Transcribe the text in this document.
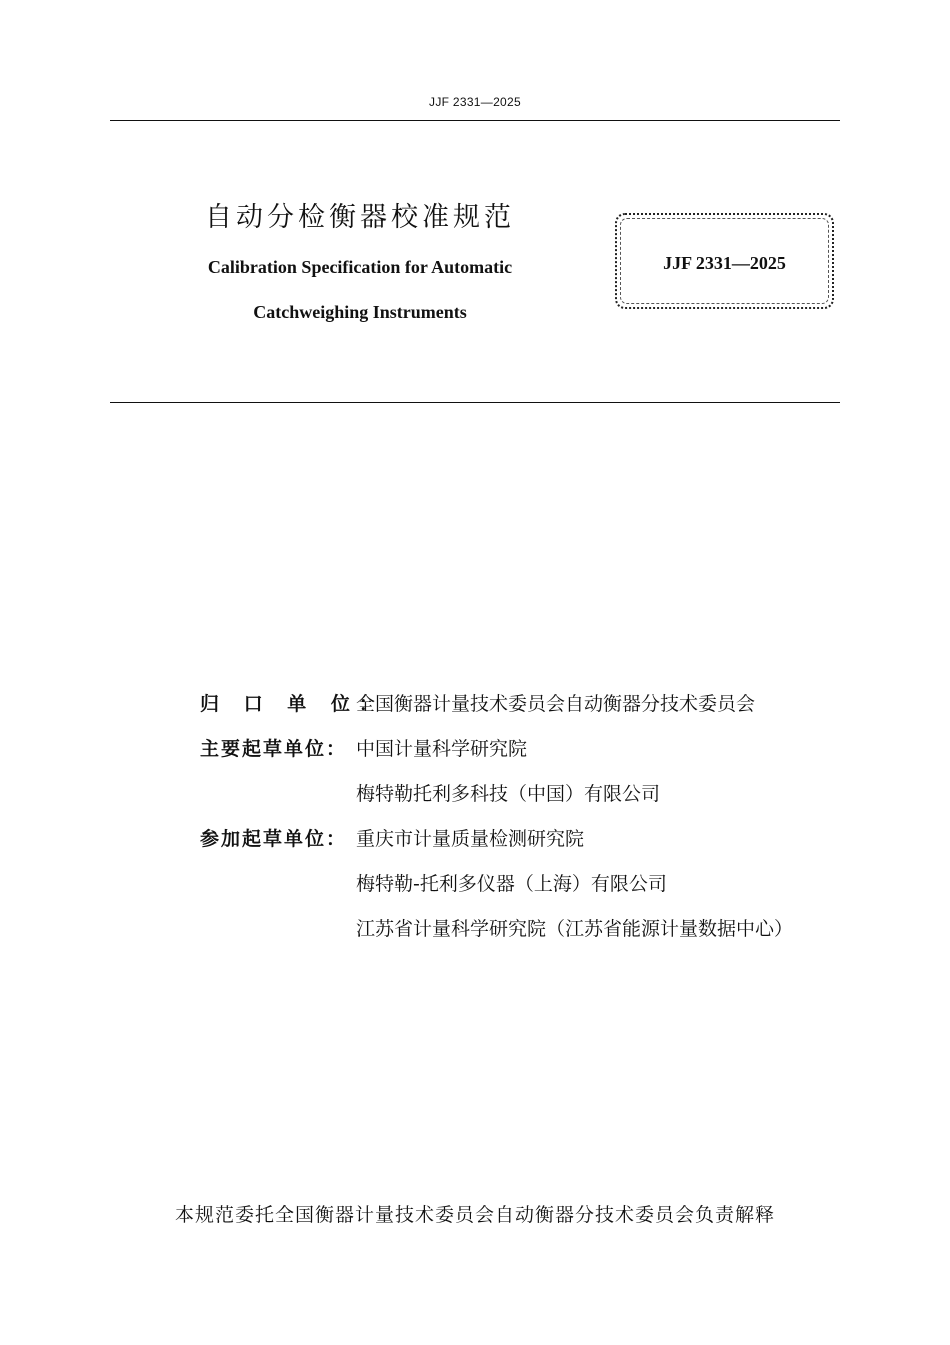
JJF 2331—2025
自动分检衡器校准规范
Calibration Specification for Automatic
Catchweighing Instruments
JJF 2331—2025
归 口 单 位：
全国衡器计量技术委员会自动衡器分技术委员会
主要起草单位： 中国计量科学研究院
梅特勒托利多科技（中国）有限公司
参加起草单位： 重庆市计量质量检测研究院
梅特勒-托利多仪器（上海）有限公司
江苏省计量科学研究院（江苏省能源计量数据中心）
本规范委托全国衡器计量技术委员会自动衡器分技术委员会负责解释
